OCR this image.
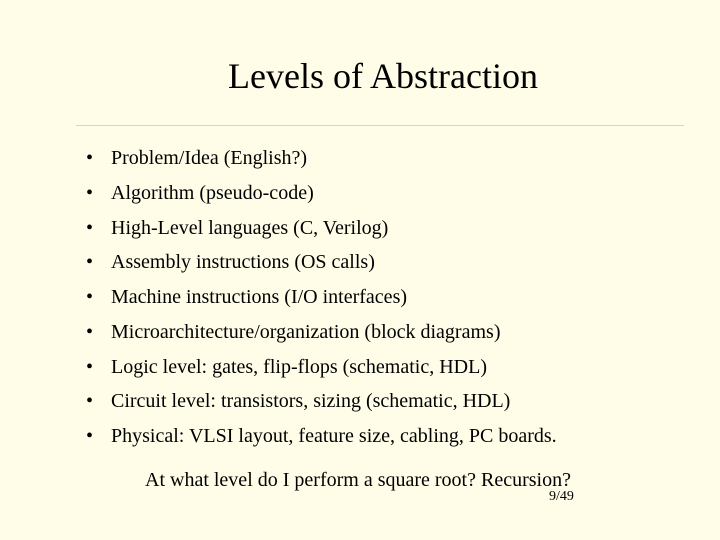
Levels of Abstraction
• Problem/Idea (English?)
• Algorithm (pseudo-code)
• High-Level languages (C, Verilog)
• Assembly instructions (OS calls)
• Machine instructions (I/O interfaces)
• Microarchitecture/organization (block diagrams)
• Logic level: gates, flip-flops (schematic, HDL)
• Circuit level: transistors, sizing (schematic, HDL)
• Physical: VLSI layout, feature size, cabling, PC boards.
At what level do I perform a square root? Recursion?
9/49
